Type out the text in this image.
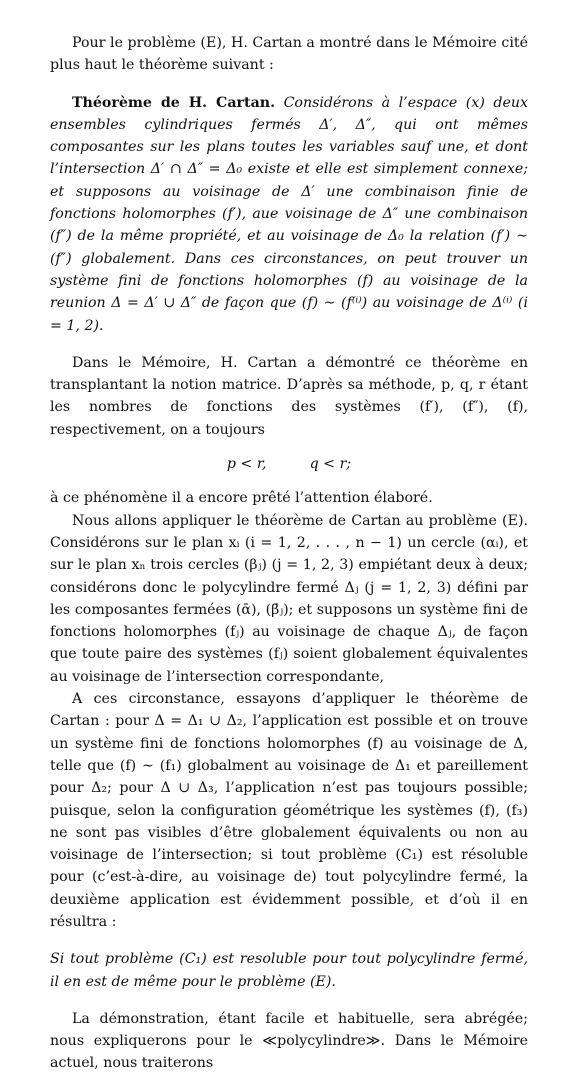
Pour le problème (E), H. Cartan a montré dans le Mémoire cité plus haut le théorème suivant :

Théorème de H. Cartan. Considérons à l’espace (x) deux ensembles cylindriques fermés Δ′, Δ″, qui ont mêmes composantes sur les plans toutes les variables sauf une, et dont l’intersection Δ′ ∩ Δ″ = Δ₀ existe et elle est simplement connexe; et supposons au voisinage de Δ′ une combinaison finie de fonctions holomorphes (f′), aue voisinage de Δ″ une combinaison (f″) de la même propriété, et au voisinage de Δ₀ la relation (f′) ∼ (f″) globalement. Dans ces circonstances, on peut trouver un système fini de fonctions holomorphes (f) au voisinage de la reunion Δ = Δ′ ∪ Δ″ de façon que (f) ∼ (f⁽ⁱ⁾) au voisinage de Δ⁽ⁱ⁾ (i = 1, 2).

Dans le Mémoire, H. Cartan a démontré ce théorème en transplantant la notion matrice. D’après sa méthode, p, q, r étant les nombres de fonctions des systèmes (f′), (f″), (f), respectivement, on a toujours

p < r,	q < r;

à ce phénomène il a encore prêté l’attention élaboré.

Nous allons appliquer le théorème de Cartan au problème (E). Considérons sur le plan xᵢ (i = 1, 2, . . . , n − 1) un cercle (αᵢ), et sur le plan xₙ trois cercles (βⱼ) (j = 1, 2, 3) empiétant deux à deux; considérons donc le polycylindre fermé Δⱼ (j = 1, 2, 3) défini par les composantes fermées (ᾱ), (β̄ⱼ); et supposons un système fini de fonctions holomorphes (fⱼ) au voisinage de chaque Δⱼ, de façon que toute paire des systèmes (fⱼ) soient globalement équivalentes au voisinage de l’intersection correspondante,

A ces circonstance, essayons d’appliquer le théorème de Cartan : pour Δ = Δ₁ ∪ Δ₂, l’application est possible et on trouve un système fini de fonctions holomorphes (f) au voisinage de Δ, telle que (f) ∼ (f₁) globalment au voisinage de Δ₁ et pareillement pour Δ₂; pour Δ ∪ Δ₃, l’application n’est pas toujours possible; puisque, selon la configuration géométrique les systèmes (f), (f₃) ne sont pas visibles d’être globalement équivalents ou non au voisinage de l’intersection; si tout problème (C₁) est résoluble pour (c’est-à-dire, au voisinage de) tout polycylindre fermé, la deuxième application est évidemment possible, et d’où il en résultra :

Si tout problème (C₁) est resoluble pour tout polycylindre fermé, il en est de même pour le problème (E).

La démonstration, étant facile et habituelle, sera abrégée; nous expliquerons pour le ≪polycylindre≫. Dans le Mémoire actuel, nous traiterons
